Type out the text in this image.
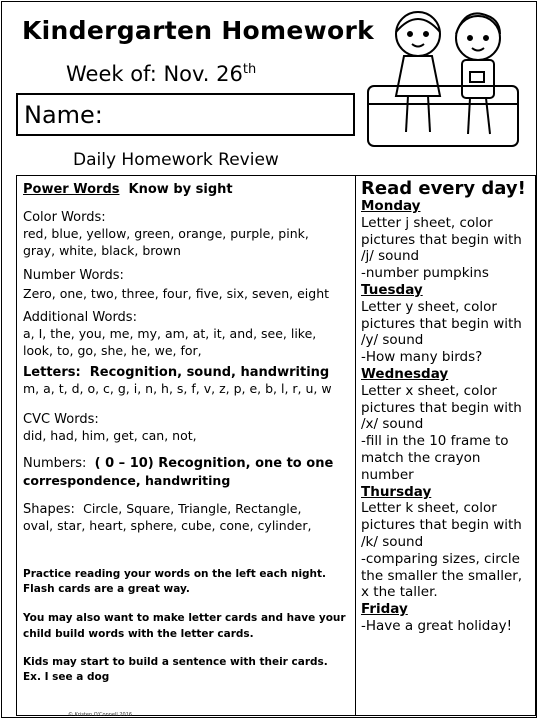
Kindergarten Homework
Week of: Nov. 26th
Name:
Daily Homework Review
Power Words Know by sight
Color Words:
red, blue, yellow, green, orange, purple, pink,
gray, white, black, brown
Number Words:
Zero, one, two, three, four, five, six, seven, eight
Additional Words:
a, I, the, you, me, my, am, at, it, and, see, like,
look, to, go, she, he, we, for,
Letters: Recognition, sound, handwriting
m, a, t, d, o, c, g, i, n, h, s, f, v, z, p, e, b, l, r, u, w
CVC Words:
did, had, him, get, can, not,
Numbers: ( 0 – 10) Recognition, one to one
correspondence, handwriting
Shapes: Circle, Square, Triangle, Rectangle,
oval, star, heart, sphere, cube, cone, cylinder,
Practice reading your words on the left each night.
Flash cards are a great way.
You may also want to make letter cards and have your
child build words with the letter cards.
Kids may start to build a sentence with their cards.
Ex. I see a dog
© Kristen O'Connell 2016
Read every day!
Monday
Letter j sheet, color
pictures that begin with
/j/ sound
-number pumpkins
Tuesday
Letter y sheet, color
pictures that begin with
/y/ sound
-How many birds?
Wednesday
Letter x sheet, color
pictures that begin with
/x/ sound
-fill in the 10 frame to
match the crayon
number
Thursday
Letter k sheet, color
pictures that begin with
/k/ sound
-comparing sizes, circle
the smaller the smaller,
x the taller.
Friday
-Have a great holiday!
